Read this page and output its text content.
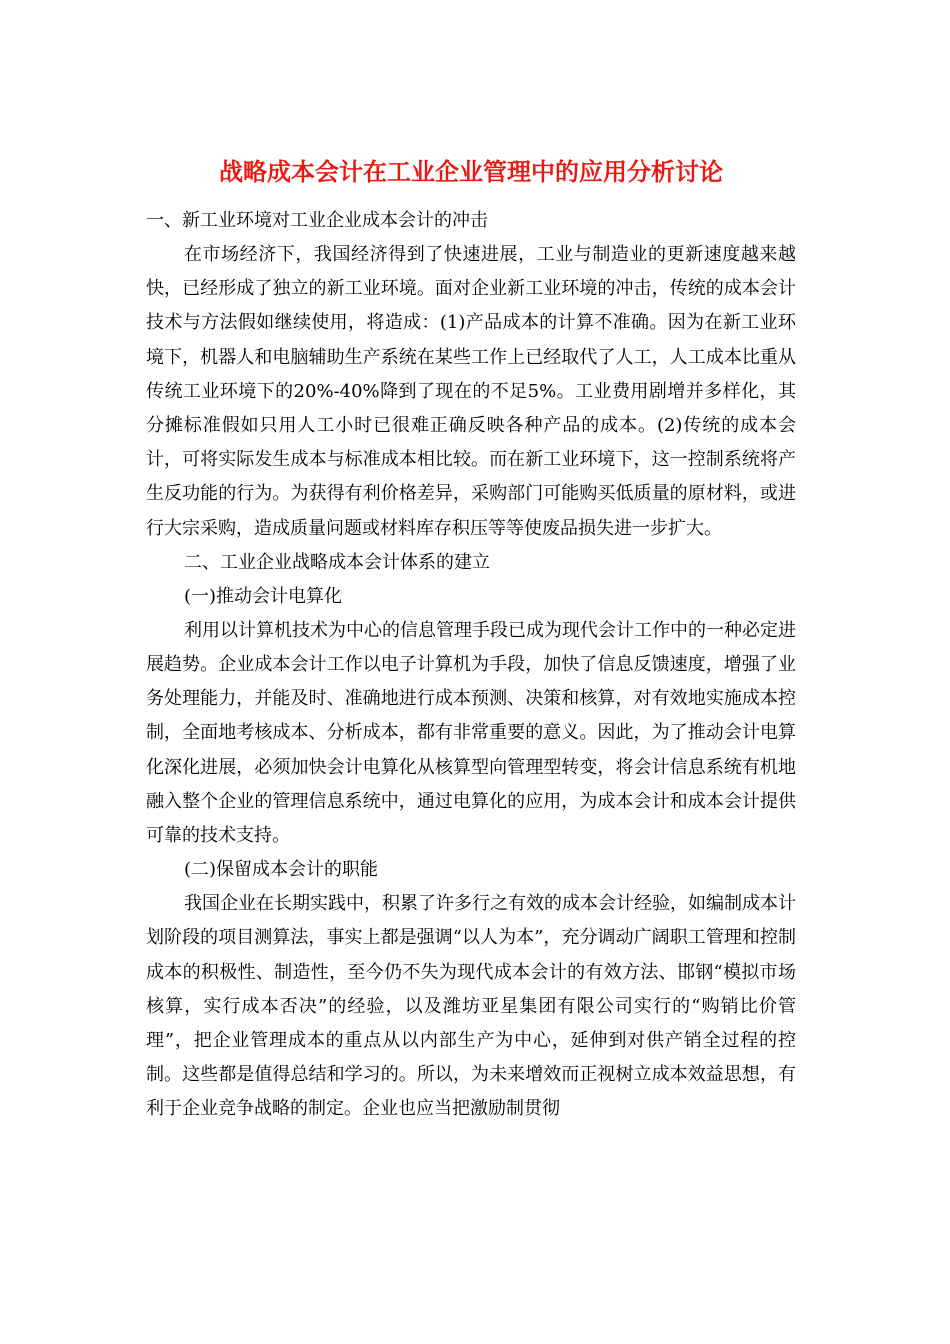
战略成本会计在工业企业管理中的应用分析讨论

一、新工业环境对工业企业成本会计的冲击

在市场经济下，我国经济得到了快速进展，工业与制造业的更新速度越来越快，已经形成了独立的新工业环境。面对企业新工业环境的冲击，传统的成本会计技术与方法假如继续使用，将造成：(1)产品成本的计算不准确。因为在新工业环境下，机器人和电脑辅助生产系统在某些工作上已经取代了人工，人工成本比重从传统工业环境下的20%-40%降到了现在的不足5%。工业费用剧增并多样化，其分摊标准假如只用人工小时已很难正确反映各种产品的成本。(2)传统的成本会计，可将实际发生成本与标准成本相比较。而在新工业环境下，这一控制系统将产生反功能的行为。为获得有利价格差异，采购部门可能购买低质量的原材料，或进行大宗采购，造成质量问题或材料库存积压等等使废品损失进一步扩大。

二、工业企业战略成本会计体系的建立

(一)推动会计电算化

利用以计算机技术为中心的信息管理手段已成为现代会计工作中的一种必定进展趋势。企业成本会计工作以电子计算机为手段，加快了信息反馈速度，增强了业务处理能力，并能及时、准确地进行成本预测、决策和核算，对有效地实施成本控制，全面地考核成本、分析成本，都有非常重要的意义。因此，为了推动会计电算化深化进展，必须加快会计电算化从核算型向管理型转变，将会计信息系统有机地融入整个企业的管理信息系统中，通过电算化的应用，为成本会计和成本会计提供可靠的技术支持。

(二)保留成本会计的职能

我国企业在长期实践中，积累了许多行之有效的成本会计经验，如编制成本计划阶段的项目测算法，事实上都是强调“以人为本”，充分调动广阔职工管理和控制成本的积极性、制造性，至今仍不失为现代成本会计的有效方法、邯钢“模拟市场核算，实行成本否决”的经验，以及潍坊亚星集团有限公司实行的“购销比价管理”，把企业管理成本的重点从以内部生产为中心，延伸到对供产销全过程的控制。这些都是值得总结和学习的。所以，为未来增效而正视树立成本效益思想，有利于企业竞争战略的制定。企业也应当把激励制贯彻
